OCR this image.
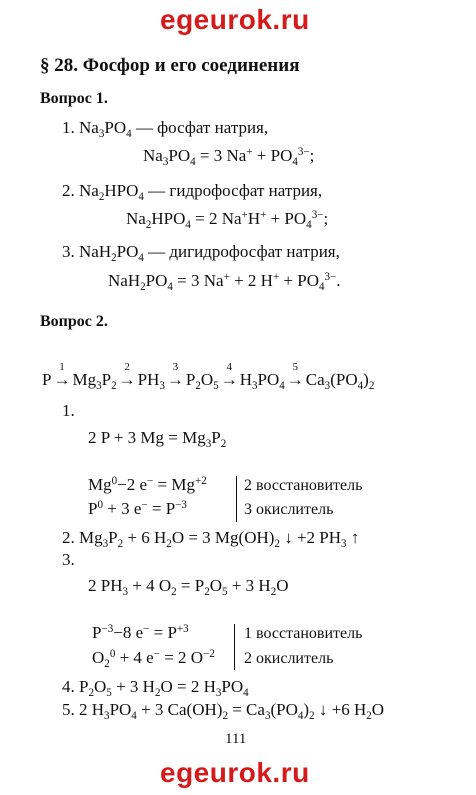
egeurok.ru
§ 28. Фосфор и его соединения
Вопрос 1.
1. $Na_3PO_4$ — фосфат натрия,
$Na_3PO_4 = 3$ $Na^+ + PO_4^{3-}$;
2. $Na_2HPO_4$ — гидрофосфат натрия,
$Na_2HPO_4 = 2$ $Na^+H^+ + PO_4^{3-}$;
3. $NaH_2PO_4$ — дигидрофосфат натрия,
$NaH_2PO_4 = 3$ Na+ + 2 $H^+ + PO_4^{3-}$.
Вопрос 2.
P
1
→ $Mg_3P_2$
2
→ $PH_3$
3
→ $P_2O_5$
4
→ $H_3PO_4$
5
→ $Ca_3(PO_4)_2$
1.
2 P + 3 $Mg = Mg_3P_2$
$Mg^0-2$ $e^- = Mg^{+2}$
$P^0 + 3$ $e^- = P^{-3}$
2 восстановитель
3 окислитель
2. $Mg_3P_2 + 6$ $H_2O = 3$ $Mg(OH)_2$ ↓ +2 $PH_3$ ↑
3.
2 $PH_3 + 4$ $O_2 = P_2O_5 + 3$ $H_2O$
$P^{-3}-8$ $e^- = P^{+3}$
$O_2^0 + 4$ e− = 2 $O^{-2}$
1 восстановитель
2 окислитель
4. $P_2O_5 + 3$ $H_2O = 2$ $H_3PO_4$
5. 2 $H_3PO_4 + 3$ $Ca(OH)_2 = Ca_3(PO_4)_2$ ↓ +6 $H_2O$
111
egeurok.ru
